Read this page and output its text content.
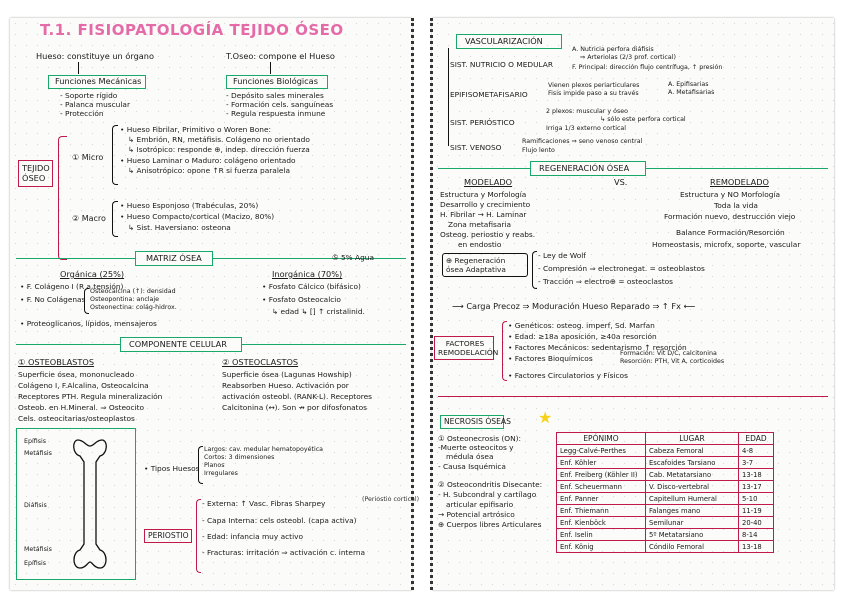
T.1. FISIOPATOLOGÍA TEJIDO ÓSEO
Hueso: constituye un órgano	T.Oseo: compone el Hueso
Funciones Mecánicas
- Soporte rígido
- Palanca muscular
- Protección
Funciones Biológicas
- Depósito sales minerales
- Formación cels. sanguíneas
- Regula respuesta inmune
TEJIDO ÓSEO
① Micro
• Hueso Fibrilar, Primitivo o Woren Bone:
↳ Embrión, RN, metáfisis. Colágeno no orientado
↳ Isotrópico: responde ⊕, indep. dirección fuerza
• Hueso Laminar o Maduro: colágeno orientado
↳ Anisotrópico: opone ↑R si fuerza paralela
② Macro
• Hueso Esponjoso (Trabéculas, 20%)
• Hueso Compacto/cortical (Macizo, 80%)
↳ Sist. Haversiano: osteona
MATRIZ ÓSEA	⑤ 5% Agua
Orgánica (25%)
• F. Colágeno I (R a tensión)
• F. No Colágenas
Osteocalcina (↑): densidad
Osteopontina: anclaje
Osteonectina: colág-hidrox.
• Proteoglicanos, lípidos, mensajeros
Inorgánica (70%)
• Fosfato Cálcico (bifásico)
• Fosfato Osteocalcio
↳ edad ↳ [] ↑ cristalinid.
COMPONENTE CELULAR
① OSTEOBLASTOS
Superficie ósea, mononucleado
Colágeno I, F.Alcalina, Osteocalcina
Receptores PTH. Regula mineralización
Osteob. en H.Mineral. ⇒ Osteocito
Cels. osteocitarias/osteoplastos
② OSTEOCLASTOS
Superficie ósea (Lagunas Howship)
Reabsorben Hueso. Activación por
activación osteobl. (RANK-L). Receptores
Calcitonina (↔). Son ↛ por difosfonatos
Epífisis
Metáfisis
Diáfisis
Metáfisis
Epífisis
• Tipos Huesos
Largos: cav. medular hematopoyética
Cortos: 3 dimensiones
Planos
Irregulares
PERIOSTIO
- Externa: ↑ Vasc. Fibras Sharpey	(Periostio cortical)
- Capa Interna: cels osteobl. (capa activa)
- Edad: infancia muy activo
- Fracturas: irritación ⇒ activación c. interna
VASCULARIZACIÓN
SIST. NUTRICIO O MEDULAR
A. Nutricia perfora diáfisis
⇒ Arteriolas (2/3 prof. cortical)
F. Principal: dirección flujo centrífuga, ↑ presión
EPIFISOMETAFISARIO
Vienen plexos periarticulares
Fisis impide paso a su través
A. Epifisarias
A. Metafisarias
SIST. PERIÓSTICO
2 plexos: muscular y óseo
↳ sólo este perfora cortical
Irriga 1/3 externo cortical
SIST. VENOSO
Ramificaciones ⇒ seno venoso central
Flujo lento
REGENERACIÓN ÓSEA
MODELADO	VS.	REMODELADO
Estructura y Morfología
Desarrollo y crecimiento
H. Fibrilar → H. Laminar
Zona metafisaria
Osteog. periostio y reabs.
en endostio
Estructura y NO Morfología
Toda la vida
Formación nuevo, destrucción viejo
Balance Formación/Resorción
Homeostasis, microfx, soporte, vascular
⊕ Regeneración ósea Adaptativa
- Ley de Wolf
- Compresión ⇒ electronegat. = osteoblastos
- Tracción ⇒ electro⊕ = osteoclastos
⟶ Carga Precoz ⇒ Moduración Hueso Reparado ⇒ ↑ Fx ⟵
FACTORES REMODELACIÓN
• Genéticos: osteog. imperf, Sd. Marfan
• Edad: ≥18a aposición, ≥40a resorción
• Factores Mecánicos: sedentarismo ↑ resorción
• Factores Bioquímicos
Formación: Vit D/C, calcitonina
Resorción: PTH, Vit A, corticoides
• Factores Circulatorios y Físicos
NECROSIS ÓSEAS ★
① Osteonecrosis (ON):
-Muerte osteocitos y
médula ósea
- Causa Isquémica
② Osteocondritis Disecante:
- H. Subcondral y cartílago
articular epifisario
→ Potencial artrósico
⊕ Cuerpos libres Articulares
EPÓNIMO	LUGAR	EDAD
Legg-Calvé-Perthes	Cabeza Femoral	4-8
Enf. Köhler	Escafoides Tarsiano	3-7
Enf. Freiberg (Köhler II)	Cab. Metatarsiano	13-18
Enf. Scheuermann	V. Disco-vertebral	13-17
Enf. Panner	Capitellum Humeral	5-10
Enf. Thiemann	Falanges mano	11-19
Enf. Kienböck	Semilunar	20-40
Enf. Iselin	5º Metatarsiano	8-14
Enf. König	Cóndilo Femoral	13-18
